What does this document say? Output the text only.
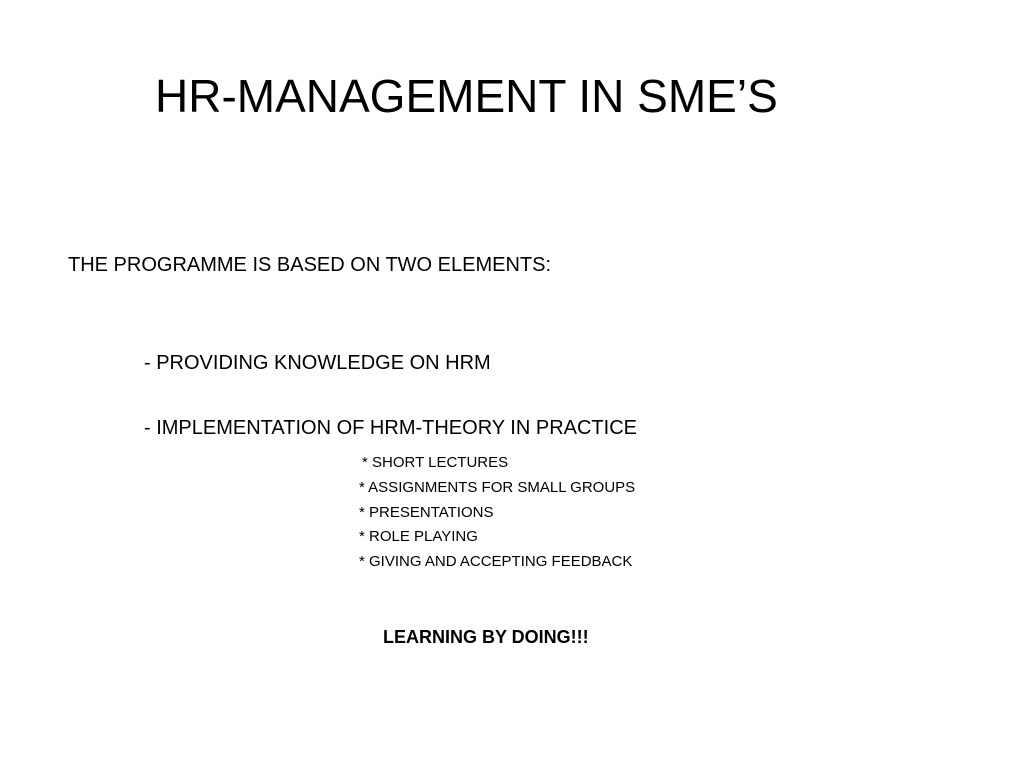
HR-MANAGEMENT IN SME’S
THE PROGRAMME IS BASED ON TWO ELEMENTS:
- PROVIDING KNOWLEDGE ON HRM
- IMPLEMENTATION OF HRM-THEORY IN PRACTICE
* SHORT LECTURES
* ASSIGNMENTS FOR SMALL GROUPS
* PRESENTATIONS
* ROLE PLAYING
* GIVING AND ACCEPTING FEEDBACK
LEARNING BY DOING!!!
